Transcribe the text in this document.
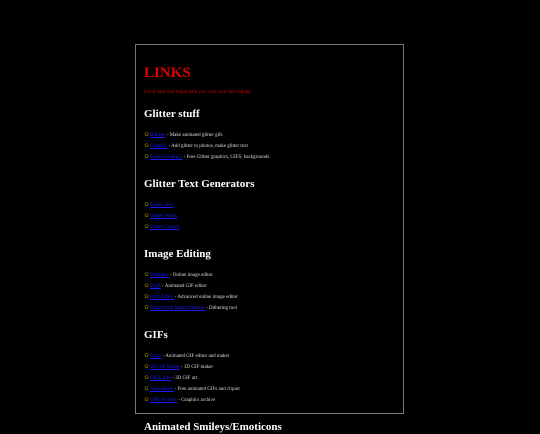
LINKS
list of sites that might help you with your site making
Glitter stuff
✩Blingee - Make animated glitter gifs
✩Glitterfy - Add glitter to photos, make glitter text
✩Glitter Graphics - Free Glitter graphics, GIFS, backgrounds
Glitter Text Generators
✩Glitter Text
✩Glitter Words
✩Glitter Creator
Image Editing
✩Photopea - Online image editor
✩Ezgif - Animated GIF editor
✩Pixlr Editor - Advanced online image editor
✩Dithermark Image Ditherer - Dithering tool
GIFs
✩Gickr - Animated GIF editor and maker
✩3D GIF Maker - 3D GIF maker
✩GIF Cities - 3D GIF art
✩Animations - Free animated GIFs and clipart
✩GIFs Archive - Graphics archive
Animated Smileys/Emoticons
